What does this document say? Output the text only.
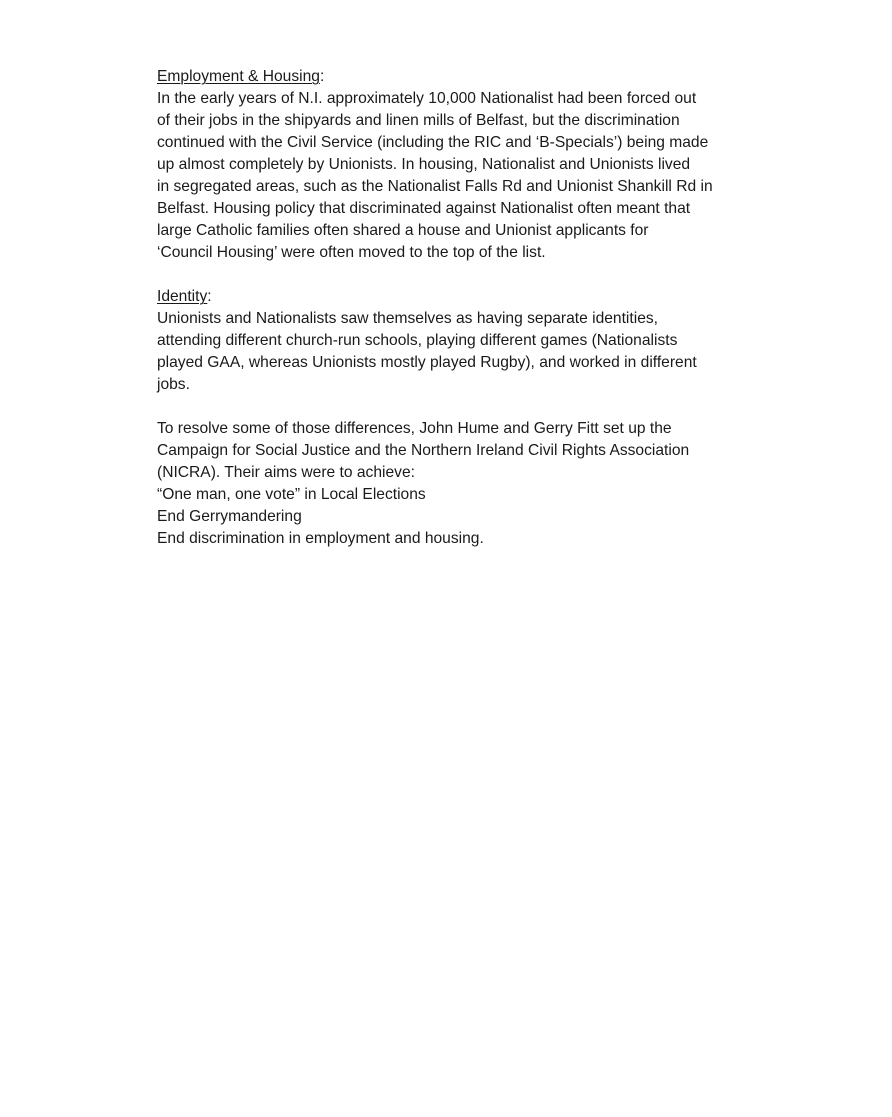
Employment & Housing:
In the early years of N.I. approximately 10,000 Nationalist had been forced out
of their jobs in the shipyards and linen mills of Belfast, but the discrimination
continued with the Civil Service (including the RIC and ‘B-Specials’) being made
up almost completely by Unionists. In housing, Nationalist and Unionists lived
in segregated areas, such as the Nationalist Falls Rd and Unionist Shankill Rd in
Belfast. Housing policy that discriminated against Nationalist often meant that
large Catholic families often shared a house and Unionist applicants for
‘Council Housing’ were often moved to the top of the list.
Identity:
Unionists and Nationalists saw themselves as having separate identities,
attending different church-run schools, playing different games (Nationalists
played GAA, whereas Unionists mostly played Rugby), and worked in different
jobs.
To resolve some of those differences, John Hume and Gerry Fitt set up the
Campaign for Social Justice and the Northern Ireland Civil Rights Association
(NICRA). Their aims were to achieve:
“One man, one vote” in Local Elections
End Gerrymandering
End discrimination in employment and housing.
